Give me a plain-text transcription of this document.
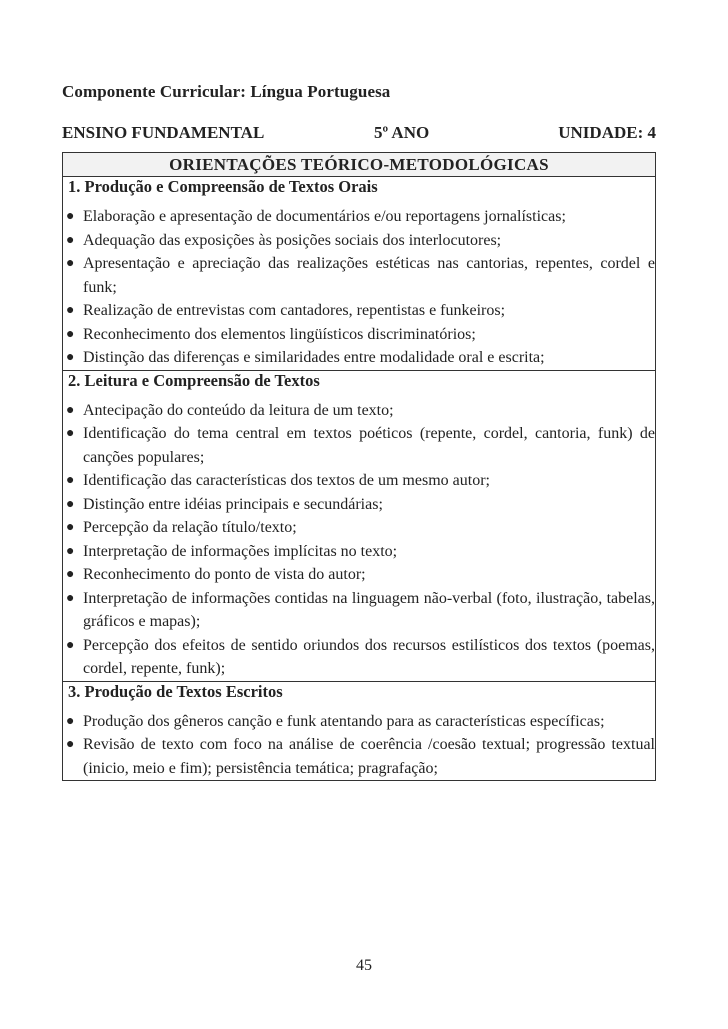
Componente Curricular: Língua Portuguesa
ENSINO FUNDAMENTAL	5º ANO	UNIDADE: 4
ORIENTAÇÕES TEÓRICO-METODOLÓGICAS

1. Produção e Compreensão de Textos Orais
● Elaboração e apresentação de documentários e/ou reportagens jornalísticas;
● Adequação das exposições às posições sociais dos interlocutores;
● Apresentação e apreciação das realizações estéticas nas cantorias, repentes, cordel e funk;
● Realização de entrevistas com cantadores, repentistas e funkeiros;
● Reconhecimento dos elementos lingüísticos discriminatórios;
● Distinção das diferenças e similaridades entre modalidade oral e escrita;

2. Leitura e Compreensão de Textos
● Antecipação do conteúdo da leitura de um texto;
● Identificação do tema central em textos poéticos (repente, cordel, cantoria, funk) de canções populares;
● Identificação das características dos textos de um mesmo autor;
● Distinção entre idéias principais e secundárias;
● Percepção da relação título/texto;
● Interpretação de informações implícitas no texto;
● Reconhecimento do ponto de vista do autor;
● Interpretação de informações contidas na linguagem não-verbal (foto, ilustração, tabelas, gráficos e mapas);
● Percepção dos efeitos de sentido oriundos dos recursos estilísticos dos textos (poemas, cordel, repente, funk);

3. Produção de Textos Escritos
● Produção dos gêneros canção e funk atentando para as características específicas;
● Revisão de texto com foco na análise de coerência /coesão textual; progressão textual (inicio, meio e fim); persistência temática; pragrafação;
45
